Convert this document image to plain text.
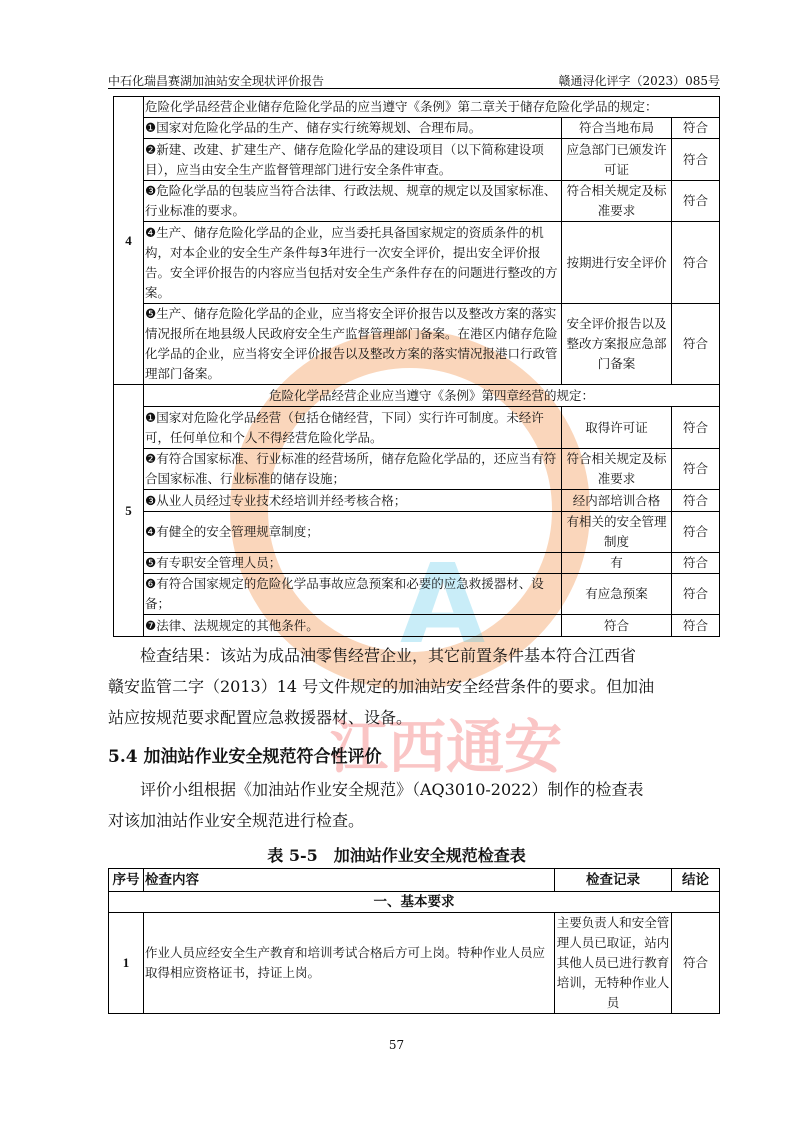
A
江西通安
中石化瑞昌赛湖加油站安全现状评价报告	赣通浔化评字（2023）085号
4	危险化学品经营企业储存危险化学品的应当遵守《条例》第二章关于储存危险化学品的规定：		
	❶国家对危险化学品的生产、储存实行统筹规划、合理布局。	符合当地布局	符合
	❷新建、改建、扩建生产、储存危险化学品的建设项目（以下简称建设项目），应当由安全生产监督管理部门进行安全条件审查。	应急部门已颁发许可证	符合
	❸危险化学品的包装应当符合法律、行政法规、规章的规定以及国家标准、行业标准的要求。	符合相关规定及标准要求	符合
	❹生产、储存危险化学品的企业，应当委托具备国家规定的资质条件的机构，对本企业的安全生产条件每3年进行一次安全评价，提出安全评价报告。安全评价报告的内容应当包括对安全生产条件存在的问题进行整改的方案。	按期进行安全评价	符合
	❺生产、储存危险化学品的企业，应当将安全评价报告以及整改方案的落实情况报所在地县级人民政府安全生产监督管理部门备案。在港区内储存危险化学品的企业，应当将安全评价报告以及整改方案的落实情况报港口行政管理部门备案。	安全评价报告以及整改方案报应急部门备案	符合
5	危险化学品经营企业应当遵守《条例》第四章经营的规定：		
	❶国家对危险化学品经营（包括仓储经营，下同）实行许可制度。未经许可，任何单位和个人不得经营危险化学品。	取得许可证	符合
	❷有符合国家标准、行业标准的经营场所，储存危险化学品的，还应当有符合国家标准、行业标准的储存设施；	符合相关规定及标准要求	符合
	❸从业人员经过专业技术经培训并经考核合格；	经内部培训合格	符合
	❹有健全的安全管理规章制度；	有相关的安全管理制度	符合
	❺有专职安全管理人员；	有	符合
	❻有符合国家规定的危险化学品事故应急预案和必要的应急救援器材、设备；	有应急预案	符合
	❼法律、法规规定的其他条件。	符合	符合
检查结果：该站为成品油零售经营企业，其它前置条件基本符合江西省
赣安监管二字（2013）14 号文件规定的加油站安全经营条件的要求。但加油
站应按规范要求配置应急救援器材、设备。
5.4 加油站作业安全规范符合性评价
评价小组根据《加油站作业安全规范》（AQ3010-2022）制作的检查表
对该加油站作业安全规范进行检查。
表 5-5　加油站作业安全规范检查表
序号	检查内容	检查记录	结论
一、基本要求			
1	作业人员应经安全生产教育和培训考试合格后方可上岗。特种作业人员应取得相应资格证书，持证上岗。	主要负责人和安全管理人员已取证，站内其他人员已进行教育培训，无特种作业人员	符合
57
